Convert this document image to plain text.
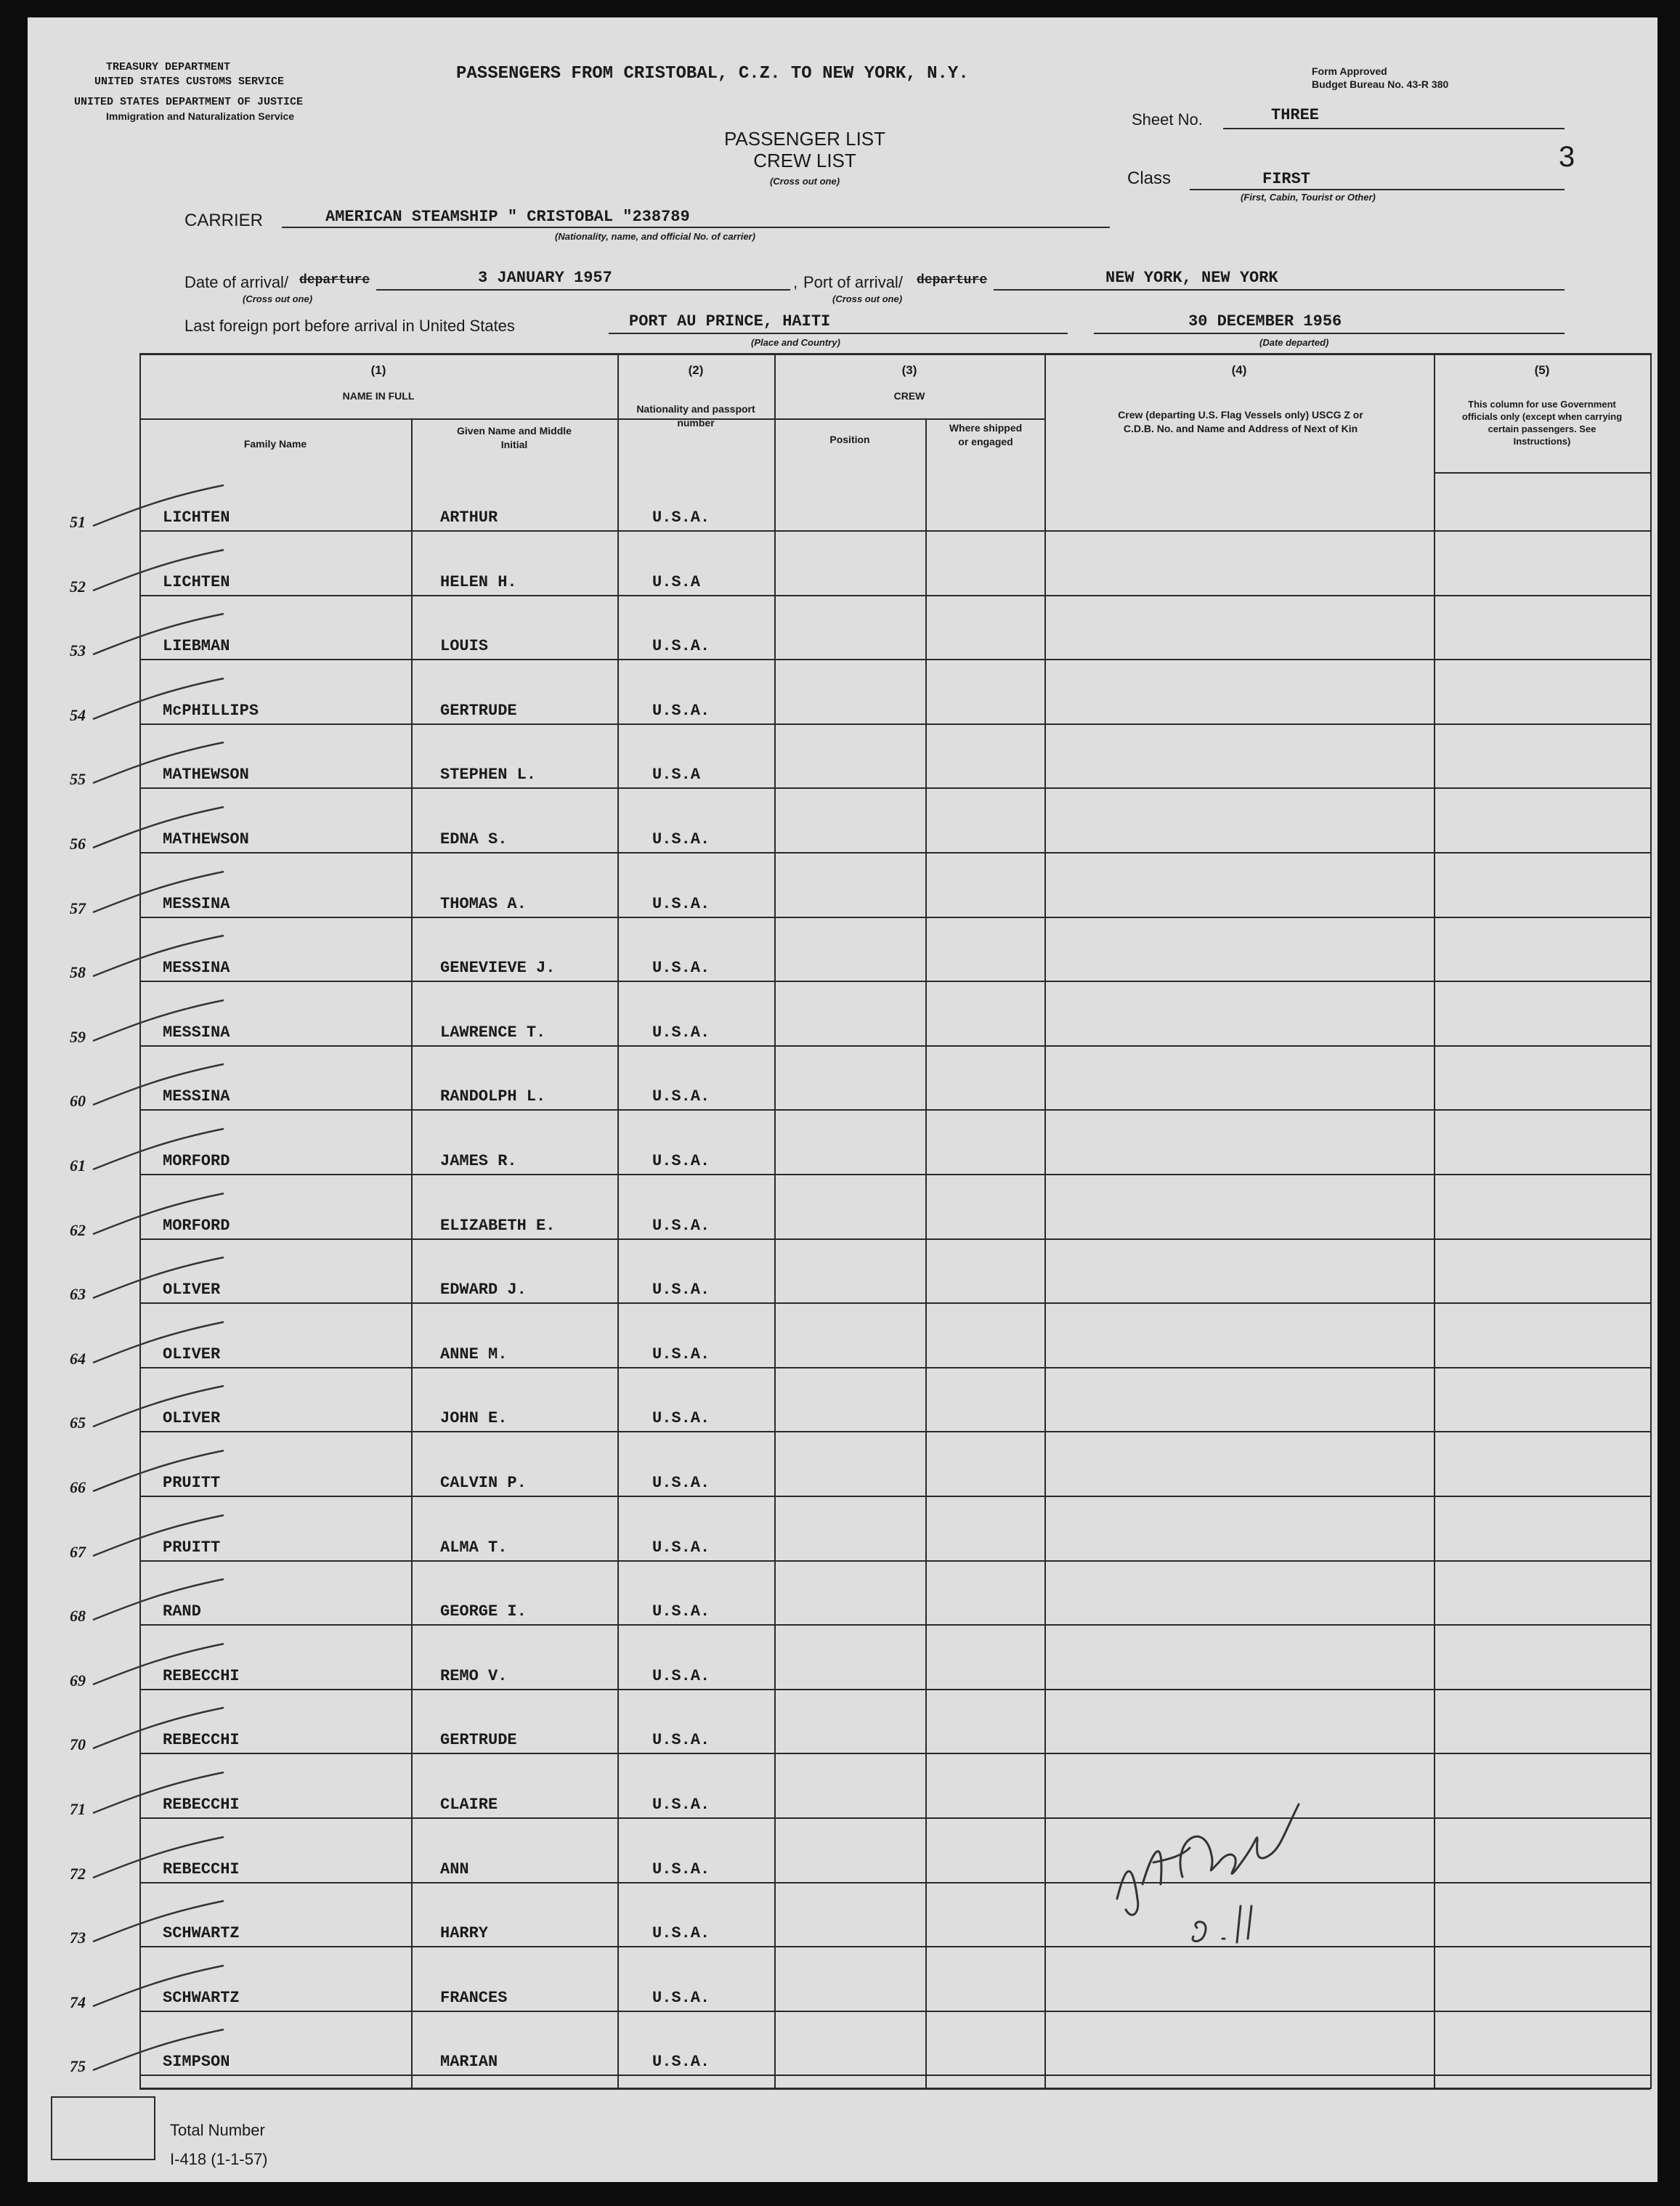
TREASURY DEPARTMENT
UNITED STATES CUSTOMS SERVICE
UNITED STATES DEPARTMENT OF JUSTICE
Immigration and Naturalization Service
PASSENGERS FROM CRISTOBAL, C.Z. TO NEW YORK, N.Y.	Form Approved
Budget Bureau No. 43-R 380
Sheet No.	THREE
3
PASSENGER LIST
CREW LIST
(Cross out one)	Class	FIRST
(First, Cabin, Tourist or Other)
CARRIER	AMERICAN STEAMSHIP " CRISTOBAL "238789
(Nationality, name, and official No. of carrier)
Date of arrival/ departure	3 JANUARY 1957
(Cross out one)
, Port of arrival/ departure	NEW YORK, NEW YORK
(Cross out one)
Last foreign port before arrival in United States	PORT AU PRINCE, HAITI
(Place and Country)
30 DECEMBER 1956
(Date departed)
(1)
NAME IN FULL
Family Name
Given Name and Middle Initial
(2)
Nationality and passport number
(3)
CREW
Position
Where shipped or engaged
(4)
Crew (departing U.S. Flag Vessels only) USCG Z or C.D.B. No. and Name and Address of Next of Kin
(5)
This column for use Government officials only (except when carrying certain passengers. See Instructions)
51	LICHTEN	ARTHUR	U.S.A.
52	LICHTEN	HELEN H.	U.S.A
53	LIEBMAN	LOUIS	U.S.A.
54	McPHILLIPS	GERTRUDE	U.S.A.
55	MATHEWSON	STEPHEN L.	U.S.A
56	MATHEWSON	EDNA S.	U.S.A.
57	MESSINA	THOMAS A.	U.S.A.
58	MESSINA	GENEVIEVE J.	U.S.A.
59	MESSINA	LAWRENCE T.	U.S.A.
60	MESSINA	RANDOLPH L.	U.S.A.
61	MORFORD	JAMES R.	U.S.A.
62	MORFORD	ELIZABETH E.	U.S.A.
63	OLIVER	EDWARD J.	U.S.A.
64	OLIVER	ANNE M.	U.S.A.
65	OLIVER	JOHN E.	U.S.A.
66	PRUITT	CALVIN P.	U.S.A.
67	PRUITT	ALMA T.	U.S.A.
68	RAND	GEORGE I.	U.S.A.
69	REBECCHI	REMO V.	U.S.A.
70	REBECCHI	GERTRUDE	U.S.A.
71	REBECCHI	CLAIRE	U.S.A.
72	REBECCHI	ANN	U.S.A.
73	SCHWARTZ	HARRY	U.S.A.
74	SCHWARTZ	FRANCES	U.S.A.
75	SIMPSON	MARIAN	U.S.A.
Total Number
I-418 (1-1-57)
